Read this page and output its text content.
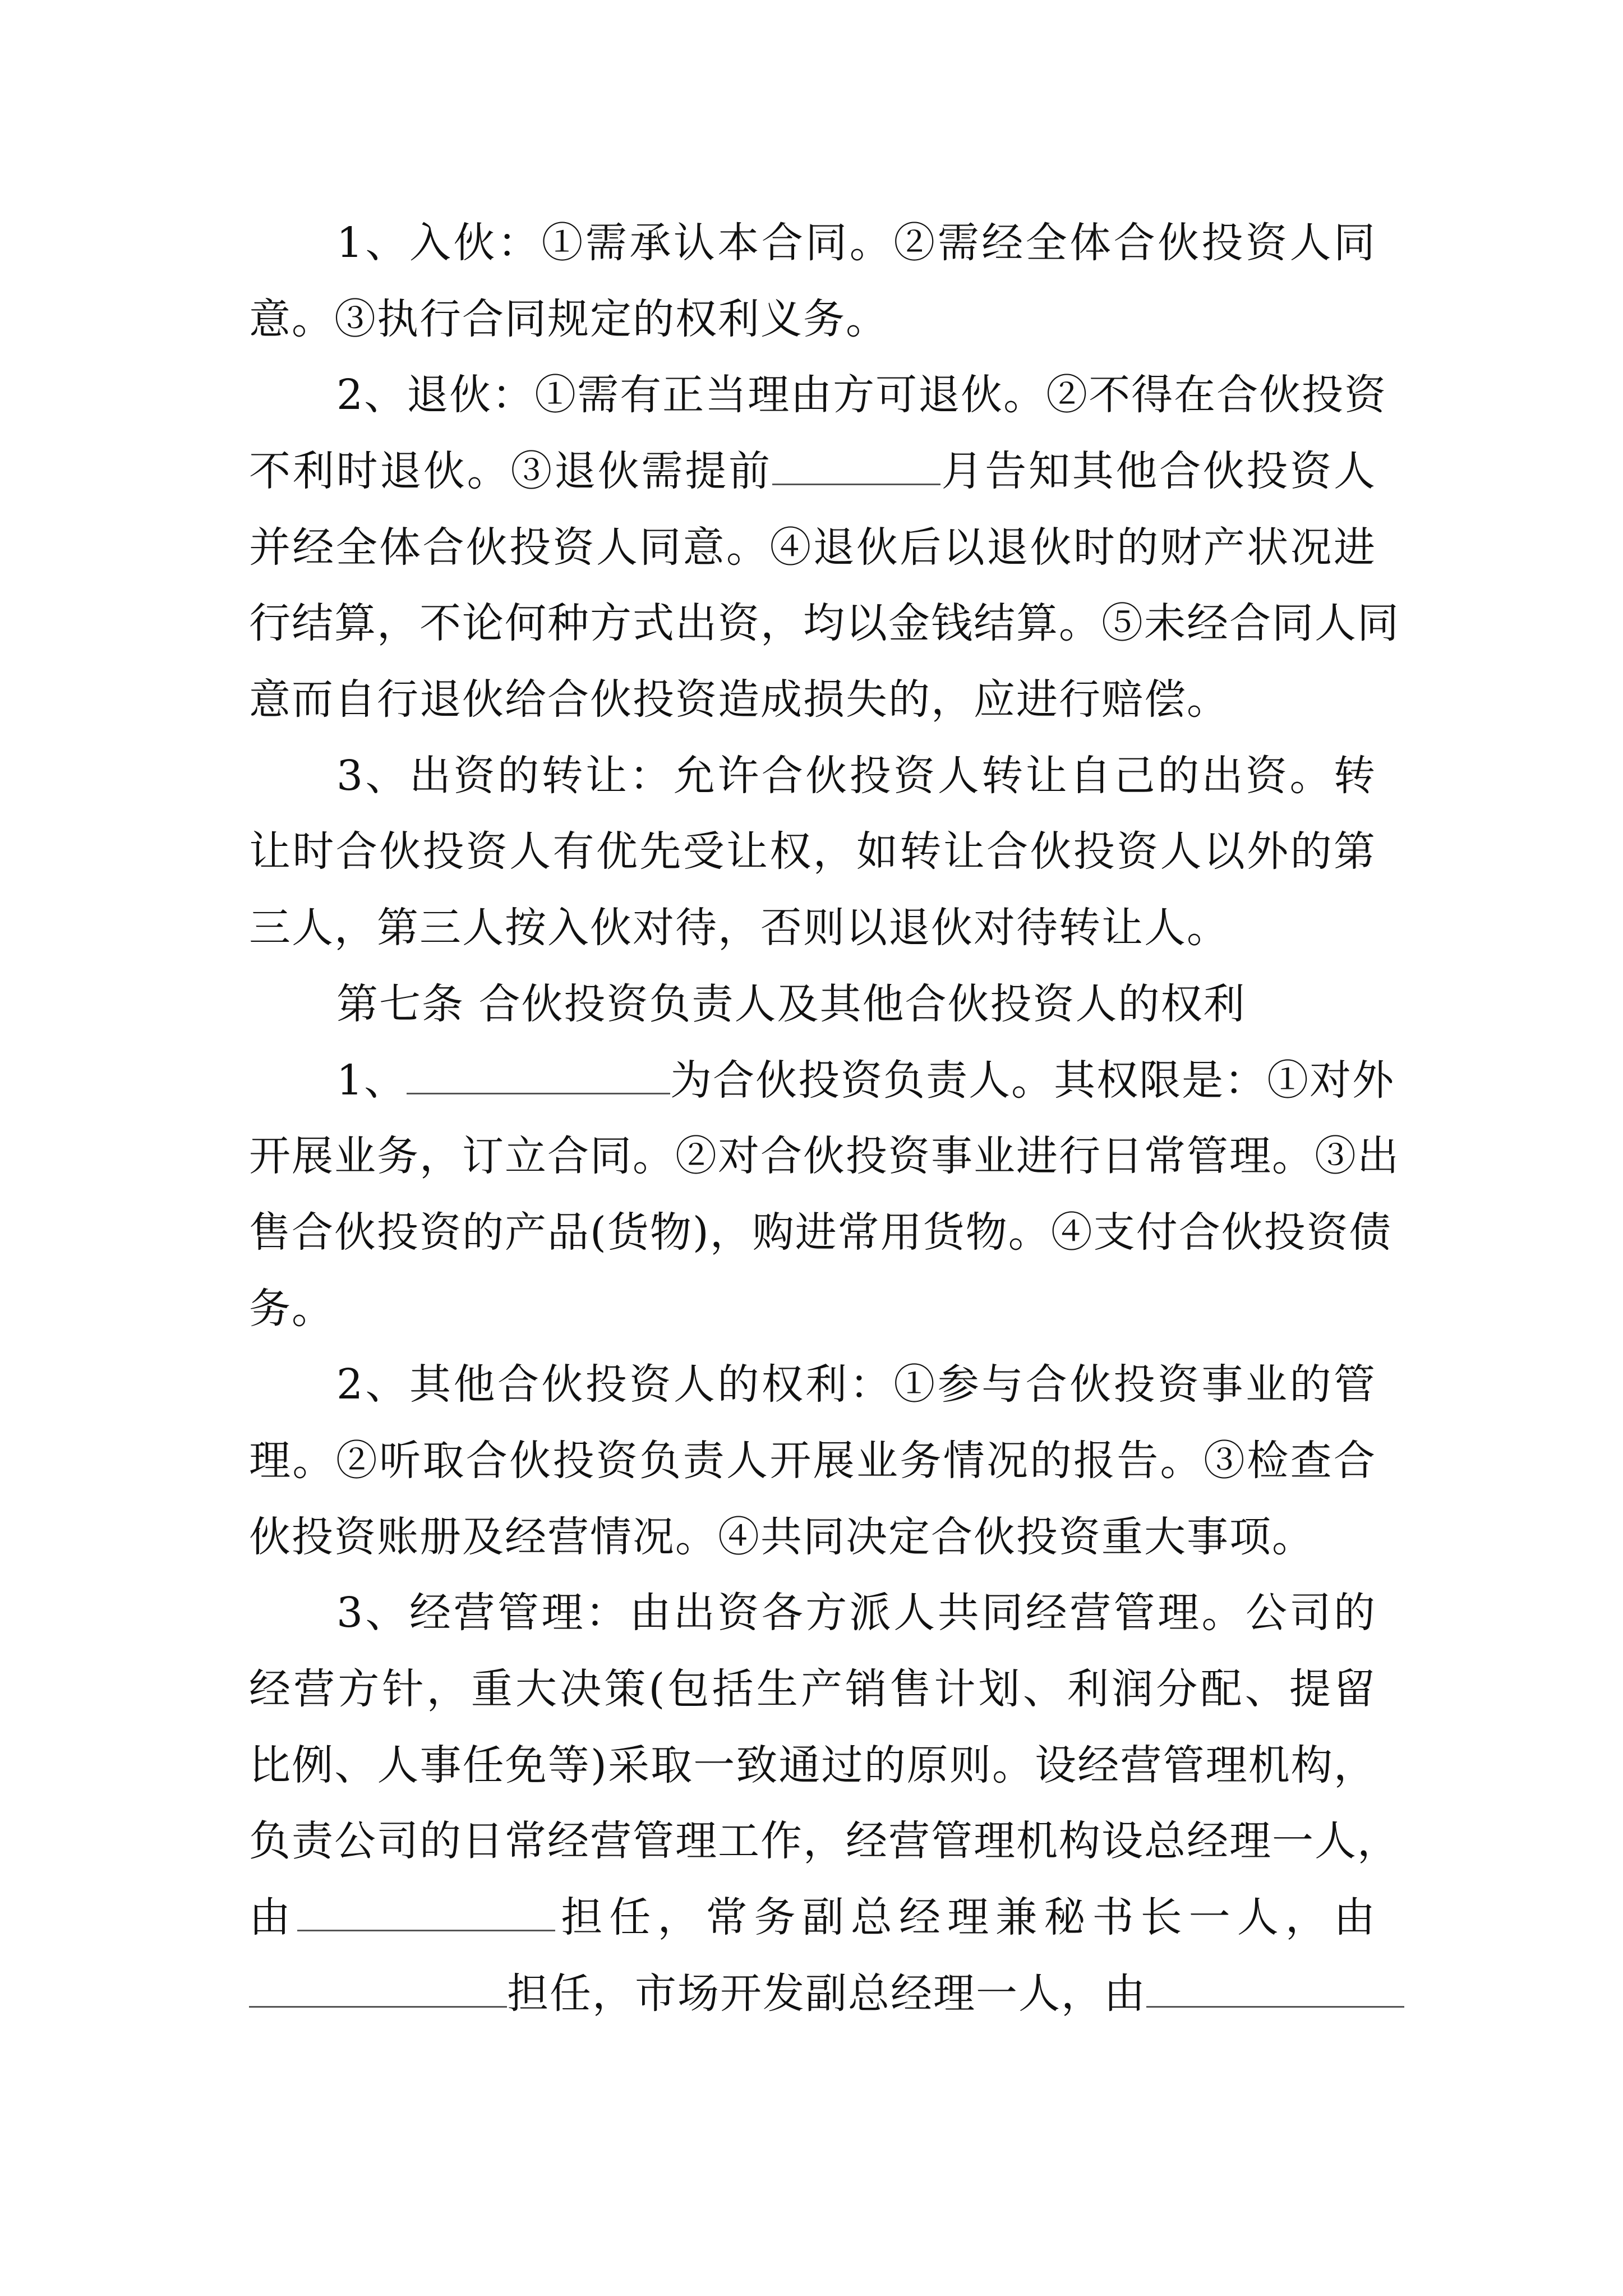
1、入伙：①需承认本合同。②需经全体合伙投资人同
意。③执行合同规定的权利义务。
2、退伙：①需有正当理由方可退伙。②不得在合伙投资
不利时退伙。③退伙需提前	月告知其他合伙投资人
并经全体合伙投资人同意。④退伙后以退伙时的财产状况进
行结算，不论何种方式出资，均以金钱结算。⑤未经合同人同
意而自行退伙给合伙投资造成损失的，应进行赔偿。
3、出资的转让：允许合伙投资人转让自己的出资。转
让时合伙投资人有优先受让权，如转让合伙投资人以外的第
三人，第三人按入伙对待，否则以退伙对待转让人。
第七条 合伙投资负责人及其他合伙投资人的权利
1、	为合伙投资负责人。其权限是：①对外
开展业务，订立合同。②对合伙投资事业进行日常管理。③出
售合伙投资的产品(货物)，购进常用货物。④支付合伙投资债
务。
2、其他合伙投资人的权利：①参与合伙投资事业的管
理。②听取合伙投资负责人开展业务情况的报告。③检查合
伙投资账册及经营情况。④共同决定合伙投资重大事项。
3、经营管理：由出资各方派人共同经营管理。公司的
经营方针，重大决策(包括生产销售计划、利润分配、提留
比例、人事任免等)采取一致通过的原则。设经营管理机构，
负责公司的日常经营管理工作，经营管理机构设总经理一人，
由	担任，常务副总经理兼秘书长一人，由
担任，市场开发副总经理一人，由
